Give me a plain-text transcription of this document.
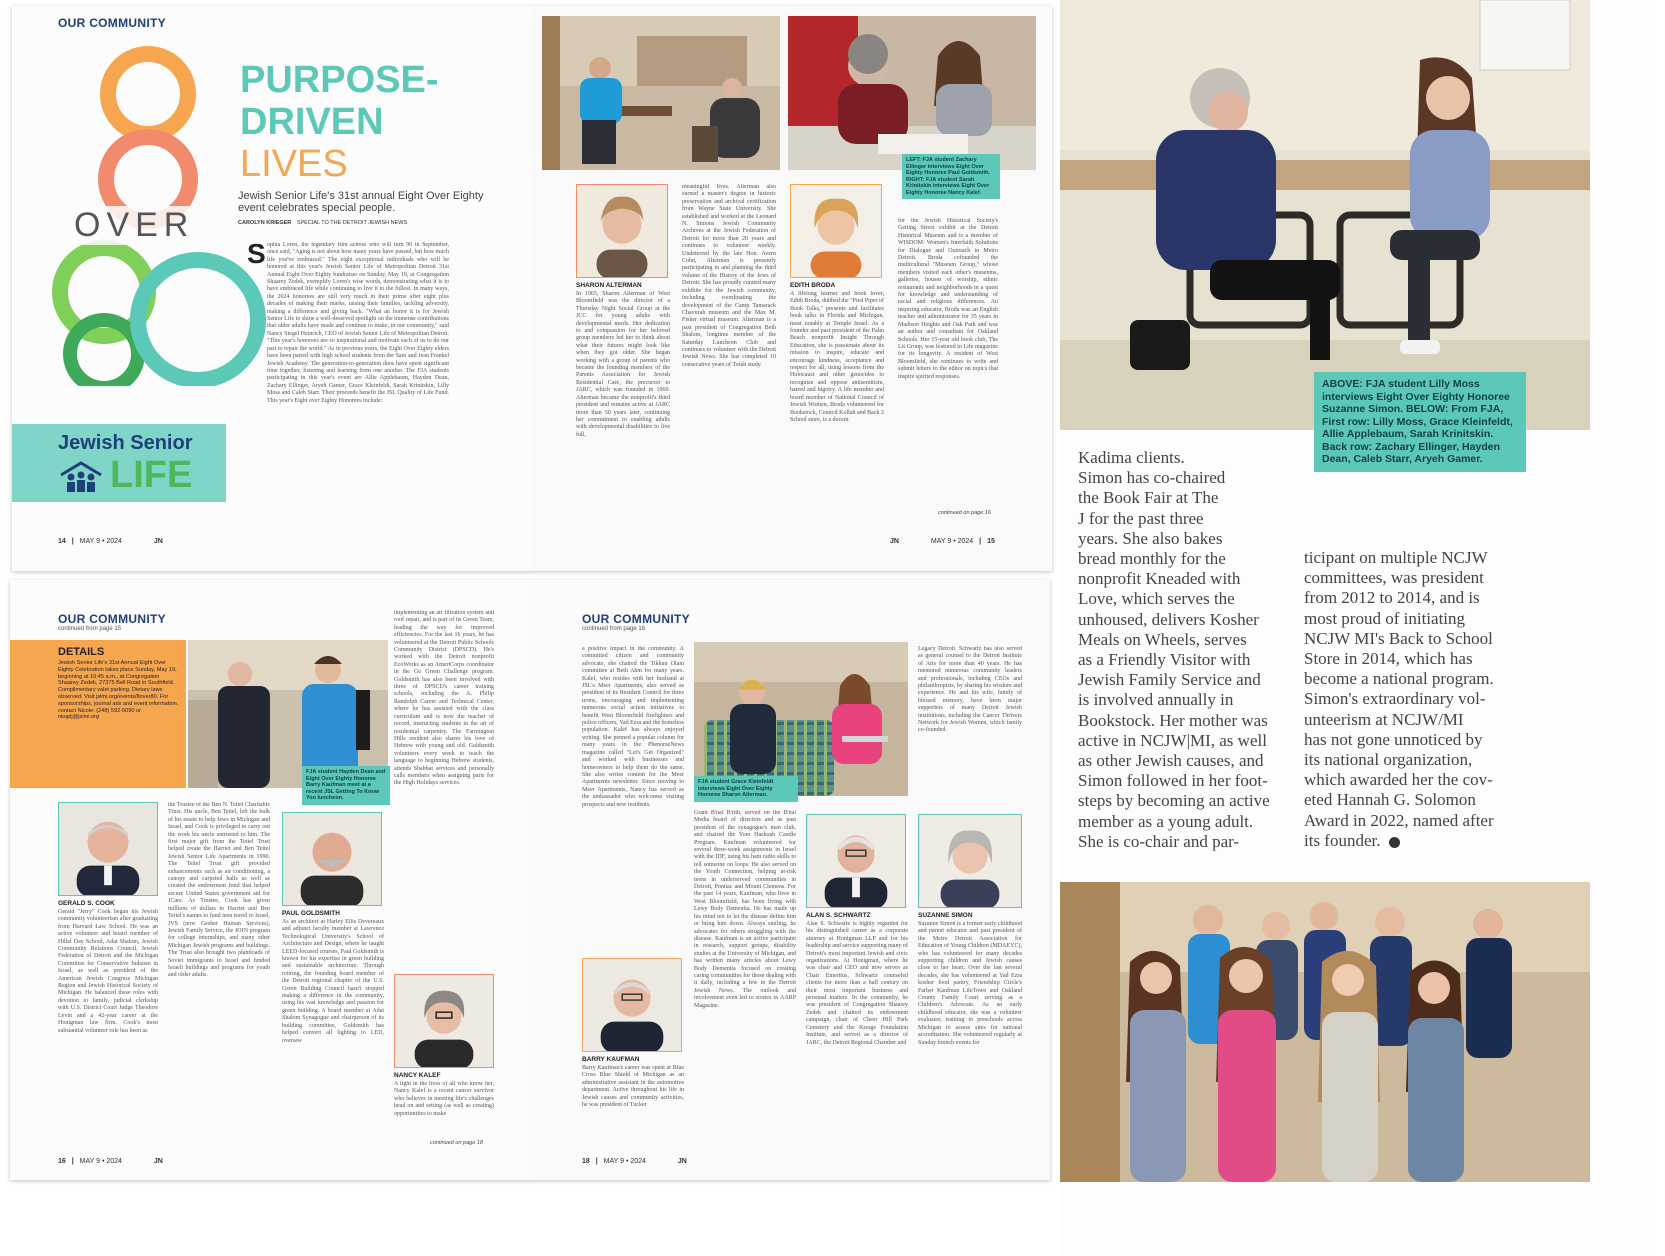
OUR COMMUNITY
OVER
PURPOSE-
DRIVEN
LIVES
Jewish Senior Life's 31st annual Eight Over Eighty event celebrates special people.
CAROLYN KRIEGER SPECIAL TO THE DETROIT JEWISH NEWS
S ophia Loren, the legendary film actress who will turn 90 in September, once said, "Aging is not about how many years have passed, but how much life you've embraced." The eight exceptional individuals who will be honored at this year's Jewish Senior Life of Metropolitan Detroit 31st Annual Eight Over Eighty fundraiser on Sunday, May 19, at Congregation Shaarey Zedek, exemplify Loren's wise words, demonstrating what it is to have embraced life while continuing to live it to the fullest. In many ways, the 2024 honorees are still very much in their prime after eight plus decades of making their marks, raising their families, tackling adversity, making a difference and giving back. "What an honor it is for Jewish Senior Life to shine a well-deserved spotlight on the immense contributions that older adults have made and continue to make, in our community," said Nancy Siegel Heinrich, CEO of Jewish Senior Life of Metropolitan Detroit. "This year's honorees are so inspirational and motivate each of us to do our part to repair the world." As in previous years, the Eight Over Eighty elders have been paired with high school students from the Sam and Jean Frankel Jewish Academy. The generation-to-generation duos have spent significant time together, listening and learning from one another. The FJA students participating in this year's event are Allie Applebaum, Hayden Dean, Zachary Ellinger, Aryeh Gamer, Grace Kleinfeldt, Sarah Krinitskin, Lilly Moss and Caleb Starr. Their proceeds benefit the JSL Quality of Life Fund. This year's Eight over Eighty Honorees include:
Jewish Senior
LIFE
14 | MAY 9 • 2024	JN
LEFT: FJA student Zachary Ellinger interviews Eight Over Eighty Honoree Paul Goldsmith. RIGHT: FJA student Sarah Krinitskin interviews Eight Over Eighty Honoree Nancy Kalef.
SHARON ALTERMAN
In 1965, Sharon Alterman of West Bloomfield was the director of a Thursday Night Social Group at the JCC for young adults with developmental needs. Her dedication to and compassion for her beloved group members led her to think about what their futures might look like when they got older. She began working with a group of parents who became the founding members of the Parents Association for Jewish Residential Care, the precursor to JARC, which was founded in 1969. Alterman became the nonprofit's third president and remains active at JARC more than 50 years later, continuing her commitment to enabling adults with developmental disabilities to live full,
meaningful lives. Alterman also earned a master's degree in historic preservation and archival certification from Wayne State University. She established and worked at the Leonard N. Simons Jewish Community Archives at the Jewish Federation of Detroit for more than 20 years and continues to volunteer weekly. Undeterred by the late Hon. Avern Cohn, Alterman is presently participating in and planning the third volume of the History of the Jews of Detroit. She has proudly curated many exhibits for the Jewish community, including coordinating the development of the Camp Tamarack Chavurah museum and the Max M. Fisher virtual museum. Alterman is a past president of Congregation Beth Shalom, longtime member of the Saturday Luncheon Club and continues to volunteer with the Detroit Jewish News. She has completed 10 consecutive years of Torah study.
EDITH BRODA
A lifelong learner and book lover, Edith Broda, dubbed the "Pied Piper of Book Talks," presents and facilitates book talks in Florida and Michigan, most notably at Temple Israel. As a founder and past president of the Palm Beach nonprofit Insight Through Education, she is passionate about its mission to inspire, educate and encourage kindness, acceptance and respect for all, using lessons from the Holocaust and other genocides to recognize and oppose antisemitism, hatred and bigotry. A life member and board member of National Council of Jewish Women, Broda volunteered for Bookstock, Council Kollab and Back 2 School store, is a docent
for the Jewish Historical Society's Getting Street exhibit at the Detroit Historical Museum and is a member of WISDOM: Women's Interfaith Solutions for Dialogue and Outreach in Metro Detroit. Broda cofounded the multicultural "Museum Group," whose members visited each other's museums, galleries, houses of worship, ethnic restaurants and neighborhoods in a quest for knowledge and understanding of racial and religious differences. An inspiring educator, Broda was an English teacher and administrator for 35 years in Madison Heights and Oak Park and was an author and consultant for Oakland Schools. Her 15-year old book club, The Lit Group, was featured in Life magazine for its longevity. A resident of West Bloomfield, she continues to write and submit letters to the editor on topics that inspire spirited responses.
continued on page 16
JN	MAY 9 • 2024 | 15
OUR COMMUNITY
continued from page 15
DETAILS
Jewish Senior Life's 31st Annual Eight Over Eighty Celebration takes place Sunday, May 19, beginning at 10:45 a.m., at Congregation Shaarey Zedek, 27375 Bell Road in Southfield. Complimentary valet parking. Dietary laws observed. Visit jslmi.org/events/8over80. For sponsorships, journal ads and event information, contact Nicole: (248) 592-5090 or nkuplj@jslmi.org
FJA student Hayden Dean and Eight Over Eighty Honoree Barry Kaufman meet at a recent JSL Getting To Know You luncheon.
GERALD S. COOK
Gerald "Jerry" Cook began his Jewish community volunteerism after graduating from Harvard Law School. He was an active volunteer and board member of Hillel Day School, Adat Shalom, Jewish Community Relations Council, Jewish Federation of Detroit and the Michigan Committee for Conservative Judaism in Israel, as well as president of the American Jewish Congress Michigan Region and Jewish Historical Society of Michigan. He balanced these roles with devotion to family, judicial clerkship with U.S. District Court Judge Theodore Levin and a 42-year career at the Honigman law firm. Cook's most substantial volunteer role has been as
the Trustee of the Ben N. Teitel Charitable Trust. His uncle, Ben Teitel, left the bulk of his estate to help Jews in Michigan and Israel, and Cook is privileged to carry out the work his uncle entrusted to him. The first major gift from the Teitel Trust helped create the Harriet and Ben Teitel Jewish Senior Life Apartments in 1990. The Teitel Trust gift provided enhancements such as air conditioning, a canopy and carpeted halls as well as created the endowment fund that helped secure United States government aid for JCare. As Trustee, Cook has given millions of dollars to Harriet and Ben Teitel's names to fund teen travel to Israel, JVS (now Gesher Human Services), Jewish Family Service, the JOIN program for college internships, and many other Michigan Jewish programs and buildings. The Trust also brought two plantloads of Soviet immigrants to Israel and funded Israeli buildings and programs for youth and older adults.
PAUL GOLDSMITH
As an architect at Harley Ellis Devereaux and adjunct faculty member at Lawrence Technological University's School of Architecture and Design, where he taught LEED-focused courses, Paul Goldsmith is known for his expertise in green building and sustainable architecture. Through retiring, the founding board member of the Detroit regional chapter of the U.S. Green Building Council hasn't stopped making a difference in the community, using his vast knowledge and passion for green building. A board member at Adat Shalom Synagogue and chairperson of its building committee, Goldsmith has helped convert all lighting to LED, oversaw
implementing an air filtration system and roof repair, and is part of its Green Team, leading the way for improved efficiencies. For the last 16 years, he has volunteered at the Detroit Public Schools Community District (DPSCD). He's worked with the Detroit nonprofit EcoWorks as an AmeriCorps coordinator in the Go Green Challenge program. Goldsmith has also been involved with three of DPSCD's career training schools, including the A. Philip Randolph Career and Technical Center, where he has assisted with the class curriculum and is now the teacher of record, instructing students in the art of residential carpentry. The Farmington Hills resident also shares his love of Hebrew with young and old. Goldsmith volunteers every week to teach the language to beginning Hebrew students, attends Shabbat services and personally calls members when assigning parts for the High Holidays services.
NANCY KALEF
A light in the lives of all who know her, Nancy Kalef is a recent cancer survivor who believes in meeting life's challenges head on and setting (as well as creating) opportunities to make
continued on page 18
16 | MAY 9 • 2024	JN
OUR COMMUNITY
continued from page 16
a positive impact in the community. A committed citizen and community advocate, she chaired the Tikkun Olam committee at Beth Ahm for many years. Kalef, who resides with her husband at JSL's Meer Apartments, also served as president of its Resident Council for three terms, encouraging and implementing numerous social action initiatives to benefit West Bloomfield firefighters and police officers, Yad Ezra and the homeless population. Kalef has always enjoyed writing. She penned a popular column for many years in the PhenomeNews magazine called "Let's Get Organized" and worked with businesses and homeowners to help them do the same. She also writes content for the Meer Apartments newsletter. Since moving to Meer Apartments, Nancy has served as the ambassador who welcomes visiting prospects and new residents.
FJA student Grace Kleinfeldt interviews Eight Over Eighty Honoree Sharon Alterman.
Grant B'nai B'rith, served on the B'nai Media board of directors and as past president of the synagogue's men club, and chaired the Yom Hashoah Candle Program. Kaufman volunteered for several three-week assignments in Israel with the IDF, using his ham radio skills to tell someone on loops. He also served on the Youth Connection, helping at-risk teens in underserved communities in Detroit, Pontiac and Mount Clemens. For the past 14 years, Kaufman, who lives in West Bloomfield, has been living with Lewy Body Dementia. He has made up his mind not to let the disease define him or bring him down. Always smiling, he advocates for others struggling with the disease. Kaufman is an active participant in research, support groups, disability studies at the University of Michigan, and has written many articles about Lewy Body Dementia focused on creating caring communities for those dealing with it daily, including a few in the Detroit Jewish News. The outlook and involvement even led to stories in AARP Magazine.
BARRY KAUFMAN
Barry Kaufman's career was spent at Blue Cross Blue Shield of Michigan as an administrative assistant in the automotive department. Active throughout his life in Jewish causes and community activities, he was president of Tucker
ALAN S. SCHWARTZ
Alan S. Schwartz is highly regarded for his distinguished career as a corporate attorney at Honigman LLP and for his leadership and service supporting many of Detroit's most important Jewish and civic organizations. At Honigman, where he was chair and CEO and now serves as Chair Emeritus, Schwartz counseled clients for more than a half century on their most important business and personal matters. In the community, he was president of Congregation Shaarey Zedek and chaired its endowment campaign, chair of Cheer Hill Park Cemetery and the Kresge Foundation Institute, and served as a director of JARC, the Detroit Regional Chamber and
Legacy Detroit. Schwartz has also served as general counsel to the Detroit Institute of Arts for more than 40 years. He has mentored numerous community leaders and professionals, including CEOs and philanthropists, by sharing his wisdom and experience. He and his wife, family of blessed memory, have been major supporters of many Detroit Jewish institutions, including the Cancer Thrivers Network for Jewish Women, which family co-founded.
SUZANNE SIMON
Suzanne Simon is a former early childhood and parent educator and past president of the Metro Detroit Association for Education of Young Children (MDAEYC), who has volunteered for many decades supporting children and Jewish causes close to her heart. Over the last several decades, she has volunteered at Yad Ezra kosher food pantry, Friendship Circle's Farber Kaufman LifeTown and Oakland County Family Court serving as a Children's Advocate. As an early childhood educator, she was a volunteer evaluator, training to preschools across Michigan to assess sites for national accreditation. She volunteered regularly at Sunday brunch events for
18 | MAY 9 • 2024	JN
ABOVE: FJA student Lilly Moss interviews Eight Over Eighty Honoree Suzanne Simon. BELOW: From FJA, First row: Lilly Moss, Grace Kleinfeldt, Allie Applebaum, Sarah Krinitskin. Back row: Zachary Ellinger, Hayden Dean, Caleb Starr, Aryeh Gamer.
Kadima clients.
Simon has co-chaired
the Book Fair at The
J for the past three
years. She also bakes
bread monthly for the
nonprofit Kneaded with
Love, which serves the
unhoused, delivers Kosher
Meals on Wheels, serves
as a Friendly Visitor with
Jewish Family Service and
is involved annually in
Bookstock. Her mother was
active in NCJW|MI, as well
as other Jewish causes, and
Simon followed in her foot-
steps by becoming an active
member as a young adult.
She is co-chair and par-
ticipant on multiple NCJW
committees, was president
from 2012 to 2014, and is
most proud of initiating
NCJW MI's Back to School
Store in 2014, which has
become a national program.
Simon's extraordinary vol-
unteerism at NCJW/MI
has not gone unnoticed by
its national organization,
which awarded her the cov-
eted Hannah G. Solomon
Award in 2022, named after
its founder.
